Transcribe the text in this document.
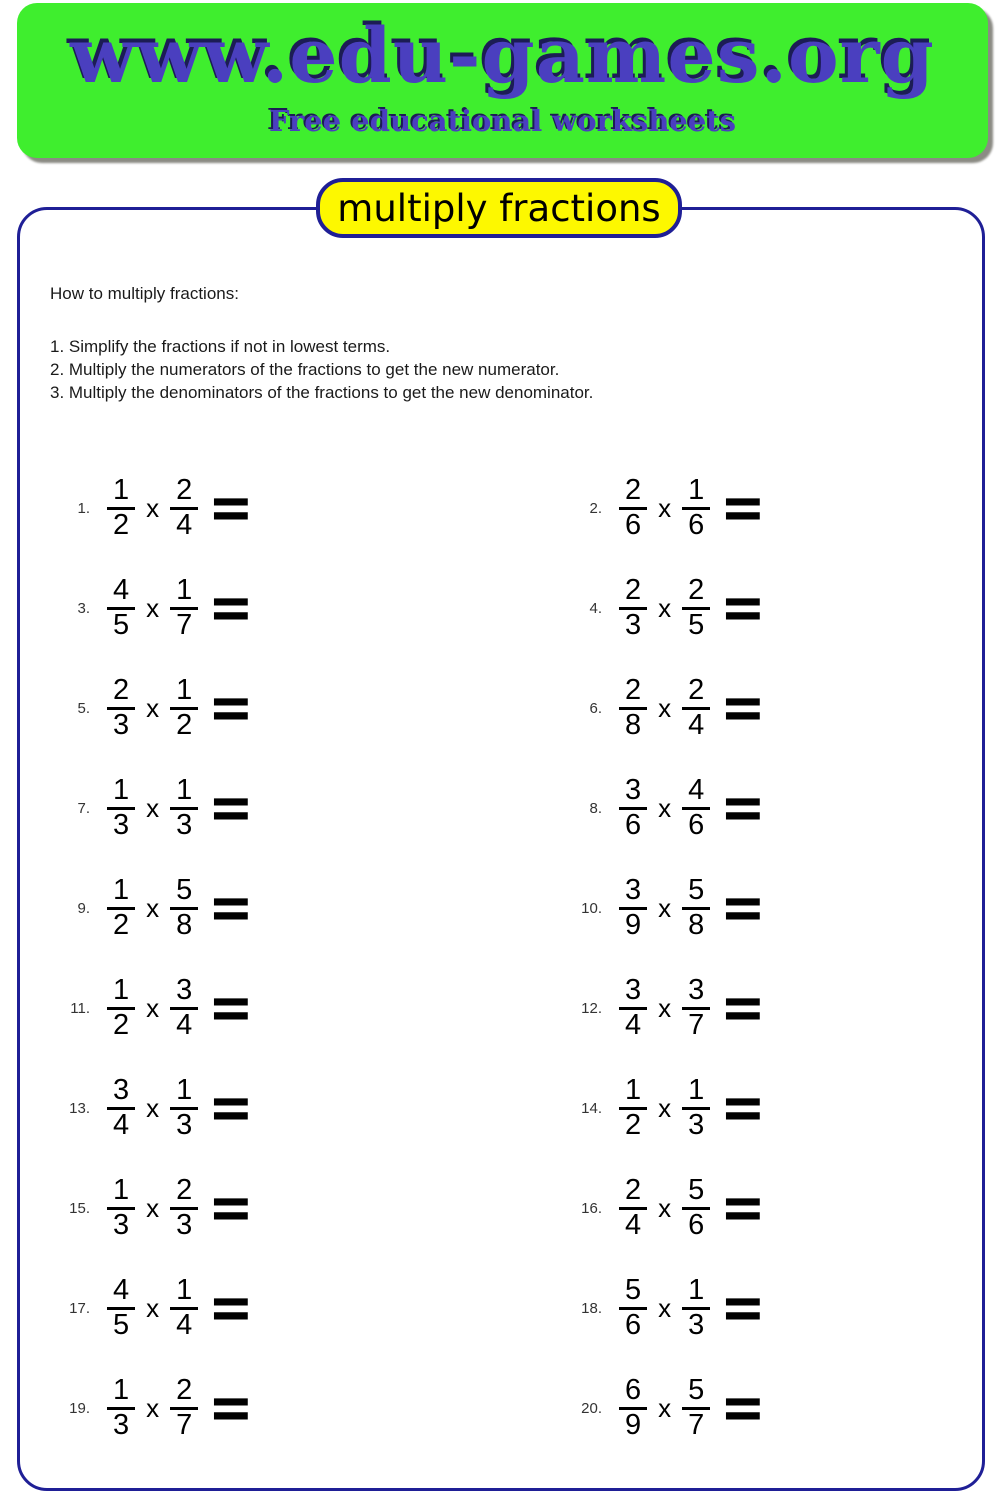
www.edu-games.org
Free educational worksheets
multiply fractions
How to multiply fractions:
1. Simplify the fractions if not in lowest terms.
2. Multiply the numerators of the fractions to get the new numerator.
3. Multiply the denominators of the fractions to get the new denominator.
1. $\frac{1}{2}$ x $\frac{2}{4}$ =	2. $\frac{2}{6}$ x $\frac{1}{6}$ =
3. $\frac{4}{5}$ x $\frac{1}{7}$ =	4. $\frac{2}{3}$ x $\frac{2}{5}$ =
5. $\frac{2}{3}$ x $\frac{1}{2}$ =	6. $\frac{2}{8}$ x $\frac{2}{4}$ =
7. $\frac{1}{3}$ x $\frac{1}{3}$ =	8. $\frac{3}{6}$ x $\frac{4}{6}$ =
9. $\frac{1}{2}$ x $\frac{5}{8}$ =	10. $\frac{3}{9}$ x $\frac{5}{8}$ =
11. $\frac{1}{2}$ x $\frac{3}{4}$ =	12. $\frac{3}{4}$ x $\frac{3}{7}$ =
13. $\frac{3}{4}$ x $\frac{1}{3}$ =	14. $\frac{1}{2}$ x $\frac{1}{3}$ =
15. $\frac{1}{3}$ x $\frac{2}{3}$ =	16. $\frac{2}{4}$ x $\frac{5}{6}$ =
17. $\frac{4}{5}$ x $\frac{1}{4}$ =	18. $\frac{5}{6}$ x $\frac{1}{3}$ =
19. $\frac{1}{3}$ x $\frac{2}{7}$ =	20. $\frac{6}{9}$ x $\frac{5}{7}$ =
